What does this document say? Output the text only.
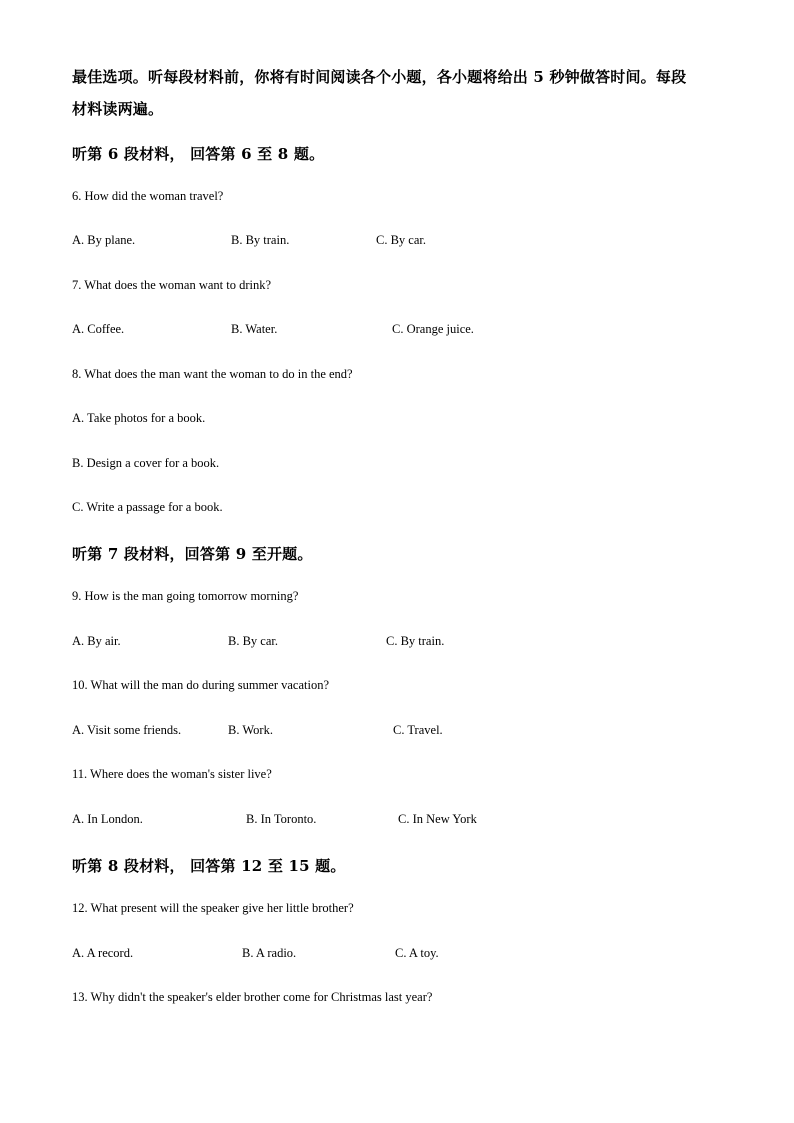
最佳选项。听每段材料前，你将有时间阅读各个小题，各小题将给出 5 秒钟做答时间。每段
材料读两遍。
听第 6 段材料， 回答第 6 至 8 题。
6. How did the woman travel?
A. By plane.	B. By train.	C. By car.
7. What does the woman want to drink?
A. Coffee.	B. Water.	C. Orange juice.
8. What does the man want the woman to do in the end?
A. Take photos for a book.
B. Design a cover for a book.
C. Write a passage for a book.
听第 7 段材料，回答第 9 至开题。
9. How is the man going tomorrow morning?
A. By air.	B. By car.	C. By train.
10. What will the man do during summer vacation?
A. Visit some friends.	B. Work.	C. Travel.
11. Where does the woman's sister live?
A. In London.	B. In Toronto.	C. In New York
听第 8 段材料， 回答第 12 至 15 题。
12. What present will the speaker give her little brother?
A. A record.	B. A radio.	C. A toy.
13. Why didn't the speaker's elder brother come for Christmas last year?
